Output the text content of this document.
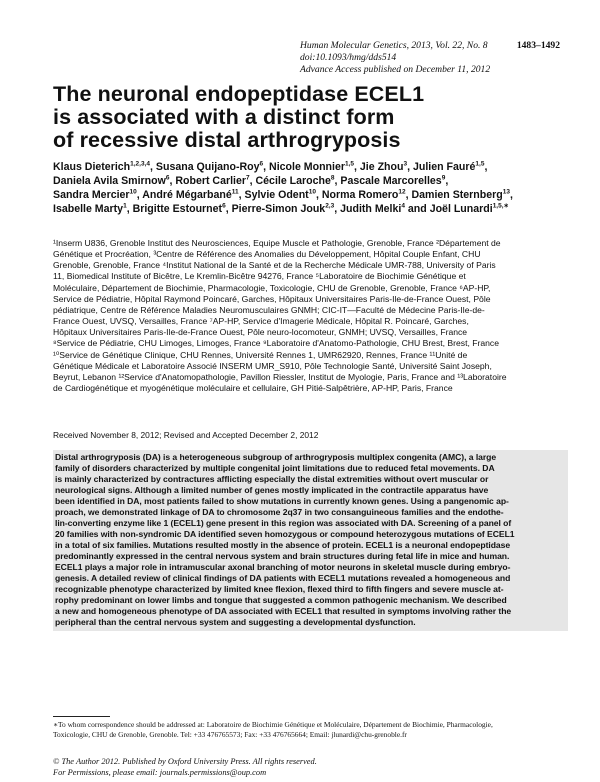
Human Molecular Genetics, 2013, Vol. 22, No. 8	1483–1492
doi:10.1093/hmg/dds514
Advance Access published on December 11, 2012
The neuronal endopeptidase ECEL1
is associated with a distinct form
of recessive distal arthrogryposis
Klaus Dieterich$^{1,2,3,4}$, Susana Quijano-Roy$^6$, Nicole Monnier$^{1,5}$, Jie Zhou$^3$, Julien Fauré$^{1,5}$,
Daniela Avila Smirnow$^6$, Robert Carlier$^7$, Cécile Laroche$^8$, Pascale Marcorelles$^9$,
Sandra Mercier$^{10}$, André Mégarbané$^{11}$, Sylvie Odent$^{10}$, Norma Romero$^{12}$, Damien Sternberg$^{13}$,
Isabelle Marty$^1$, Brigitte Estournet$^6$, Pierre-Simon Jouk$^{2,3}$, Judith Melki$^4$ and Joël Lunardi$^{1,5,∗}$
¹Inserm U836, Grenoble Institut des Neurosciences, Equipe Muscle et Pathologie, Grenoble, France ²Département de
Génétique et Procréation, ³Centre de Référence des Anomalies du Développement, Hôpital Couple Enfant, CHU
Grenoble, Grenoble, France ⁴Institut National de la Santé et de la Recherche Médicale UMR-788, University of Paris
11, Biomedical Institute of Bicêtre, Le Kremlin-Bicêtre 94276, France ⁵Laboratoire de Biochimie Génétique et
Moléculaire, Département de Biochimie, Pharmacologie, Toxicologie, CHU de Grenoble, Grenoble, France ⁶AP-HP,
Service de Pédiatrie, Hôpital Raymond Poincaré, Garches, Hôpitaux Universitaires Paris-Ile-de-France Ouest, Pôle
pédiatrique, Centre de Référence Maladies Neuromusculaires GNMH; CIC-IT—Faculté de Médecine Paris-Ile-de-
France Ouest, UVSQ, Versailles, France ⁷AP-HP, Service d'Imagerie Médicale, Hôpital R. Poincaré, Garches,
Hôpitaux Universitaires Paris-Ile-de-France Ouest, Pôle neuro-locomoteur, GNMH; UVSQ, Versailles, France
⁸Service de Pédiatrie, CHU Limoges, Limoges, France ⁹Laboratoire d'Anatomo-Pathologie, CHU Brest, Brest, France
¹⁰Service de Génétique Clinique, CHU Rennes, Université Rennes 1, UMR62920, Rennes, France ¹¹Unité de
Génétique Médicale et Laboratoire Associé INSERM UMR_S910, Pôle Technologie Santé, Université Saint Joseph,
Beyrut, Lebanon ¹²Service d'Anatomopathologie, Pavillon Riessler, Institut de Myologie, Paris, France and ¹³Laboratoire
de Cardiogénétique et myogénétique moléculaire et cellulaire, GH Pitié-Salpêtrière, AP-HP, Paris, France
Received November 8, 2012; Revised and Accepted December 2, 2012
Distal arthrogryposis (DA) is a heterogeneous subgroup of arthrogryposis multiplex congenita (AMC), a large
family of disorders characterized by multiple congenital joint limitations due to reduced fetal movements. DA
is mainly characterized by contractures afflicting especially the distal extremities without overt muscular or
neurological signs. Although a limited number of genes mostly implicated in the contractile apparatus have
been identified in DA, most patients failed to show mutations in currently known genes. Using a pangenomic ap-
proach, we demonstrated linkage of DA to chromosome 2q37 in two consanguineous families and the endothe-
lin-converting enzyme like 1 (ECEL1) gene present in this region was associated with DA. Screening of a panel of
20 families with non-syndromic DA identified seven homozygous or compound heterozygous mutations of ECEL1
in a total of six families. Mutations resulted mostly in the absence of protein. ECEL1 is a neuronal endopeptidase
predominantly expressed in the central nervous system and brain structures during fetal life in mice and human.
ECEL1 plays a major role in intramuscular axonal branching of motor neurons in skeletal muscle during embryo-
genesis. A detailed review of clinical findings of DA patients with ECEL1 mutations revealed a homogeneous and
recognizable phenotype characterized by limited knee flexion, flexed third to fifth fingers and severe muscle at-
rophy predominant on lower limbs and tongue that suggested a common pathogenic mechanism. We described
a new and homogeneous phenotype of DA associated with ECEL1 that resulted in symptoms involving rather the
peripheral than the central nervous system and suggesting a developmental dysfunction.
∗To whom correspondence should be addressed at: Laboratoire de Biochimie Génétique et Moléculaire, Département de Biochimie, Pharmacologie,
Toxicologie, CHU de Grenoble, Grenoble. Tel: +33 476765573; Fax: +33 476765664; Email: jlunardi@chu-grenoble.fr
© The Author 2012. Published by Oxford University Press. All rights reserved.
For Permissions, please email: journals.permissions@oup.com
